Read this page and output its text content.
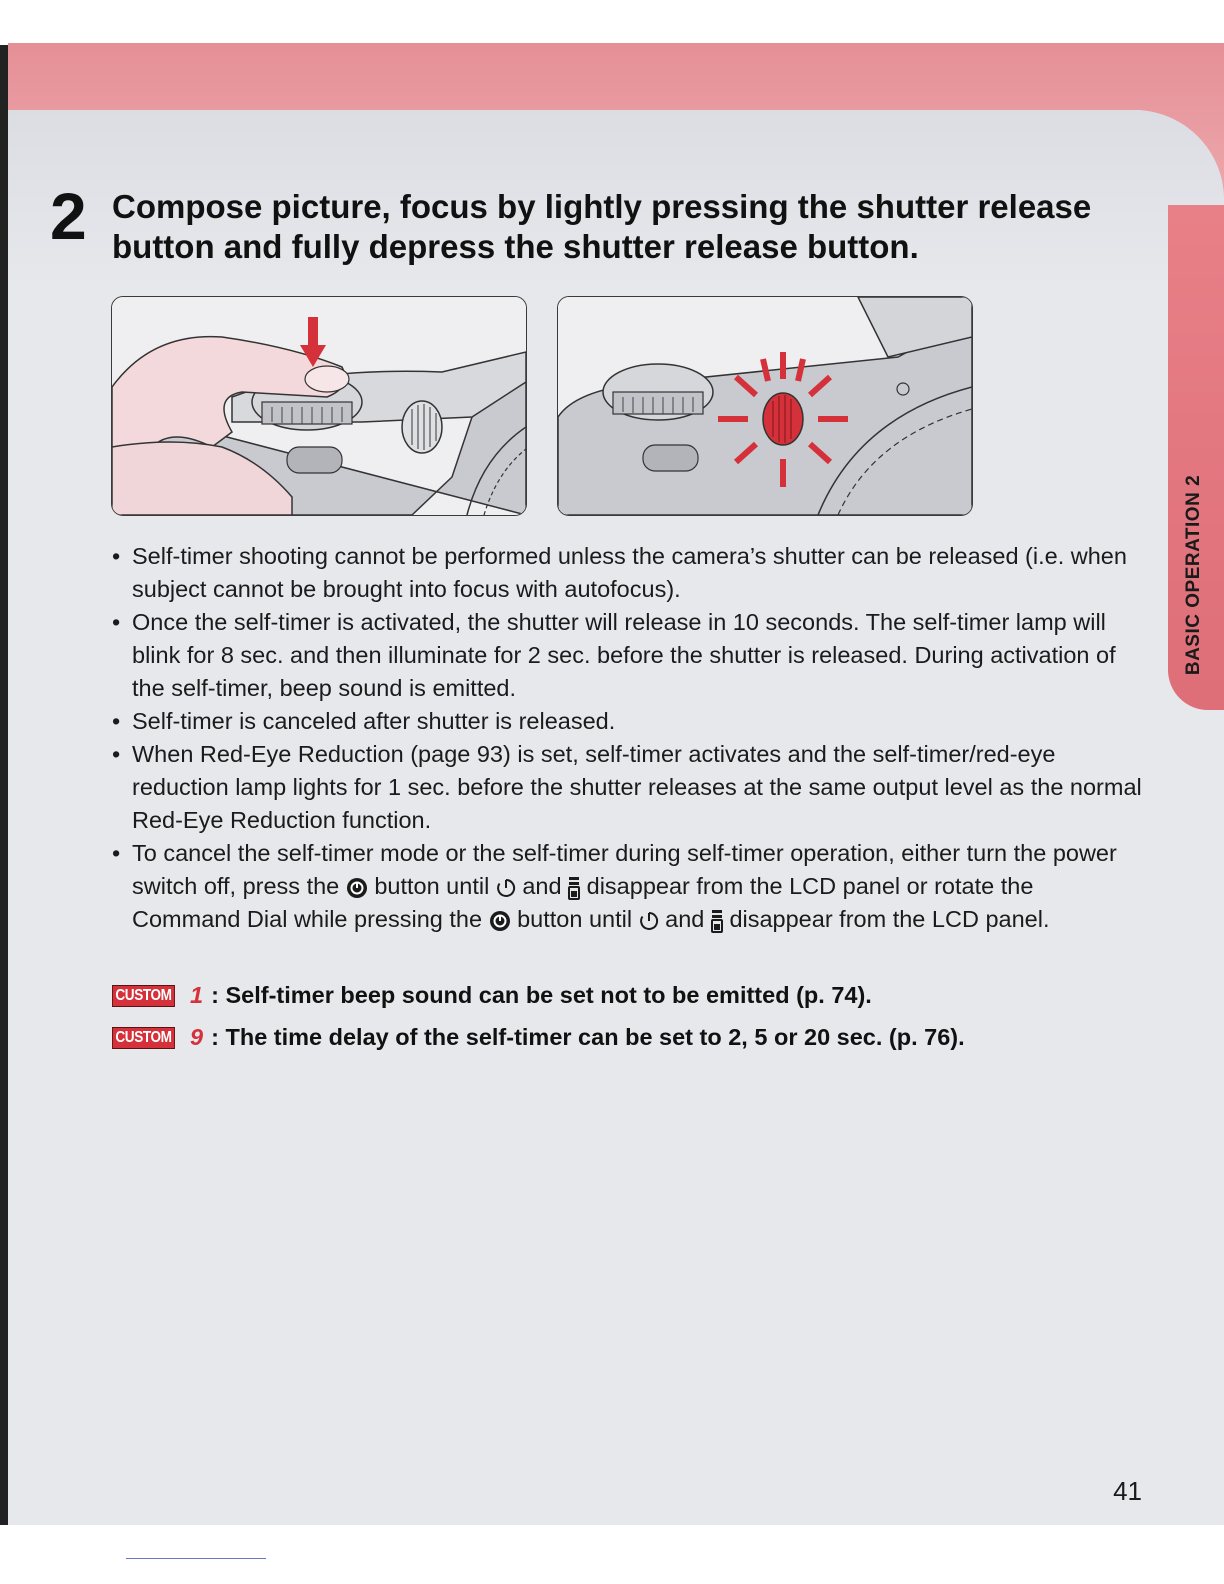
BASIC OPERATION 2
2 Compose picture, focus by lightly pressing the shutter release button and fully depress the shutter release button.
• Self-timer shooting cannot be performed unless the camera’s shutter can be released (i.e. when subject cannot be brought into focus with autofocus).
• Once the self-timer is activated, the shutter will release in 10 seconds. The self-timer lamp will blink for 8 sec. and then illuminate for 2 sec. before the shutter is released. During activation of the self-timer, beep sound is emitted.
• Self-timer is canceled after shutter is released.
• When Red-Eye Reduction (page 93) is set, self-timer activates and the self-timer/red-eye reduction lamp lights for 1 sec. before the shutter releases at the same output level as the normal Red-Eye Reduction function.
• To cancel the self-timer mode or the self-timer during self-timer operation, either turn the power switch off, press the button until and disappear from the LCD panel or rotate the Command Dial while pressing the button until and disappear from the LCD panel.
CUSTOM 1 : Self-timer beep sound can be set not to be emitted (p. 74).
CUSTOM 9 : The time delay of the self-timer can be set to 2, 5 or 20 sec. (p. 76).
41
